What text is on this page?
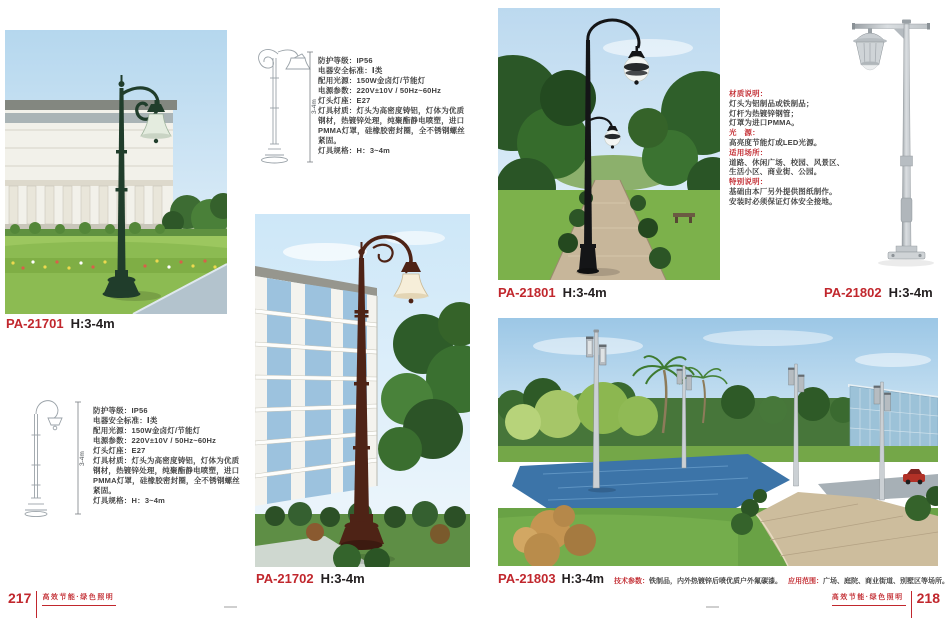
PA-21701 H:3-4m
3-4m
防护等级：IP56
电器安全标准：Ⅰ类
配用光源：150W金卤灯/节能灯
电源参数：220V±10V / 50Hz~60Hz
灯头灯座：E27
灯具材质：灯头为高密度铸铝，灯体为优质
钢材，热镀锌处理，纯聚酯静电喷塑，进口
PMMA灯罩，硅橡胶密封圈，全不锈钢螺丝
紧固。
灯具规格：H：3~4m
3-4m
防护等级：IP56
电器安全标准：Ⅰ类
配用光源：150W金卤灯/节能灯
电源参数：220V±10V / 50Hz~60Hz
灯头灯座：E27
灯具材质：灯头为高密度铸铝，灯体为优质
钢材，热镀锌处理，纯聚酯静电喷塑，进口
PMMA灯罩，硅橡胶密封圈，全不锈钢螺丝
紧固。
灯具规格：H：3~4m
PA-21702 H:3-4m
PA-21801 H:3-4m
材质说明：
灯头为铝制品或铁制品；
灯杆为热镀锌钢管；
灯罩为进口PMMA。
光　源：
高亮度节能灯或LED光源。
适用场所：
道路、休闲广场、校园、风景区、
生活小区、商业街、公园。
特别说明：
基础由本厂另外提供图纸制作。
安装时必须保证灯体安全接地。
PA-21802 H:3-4m
PA-21803 H:3-4m 技术参数： 铁制品，内外热镀锌后喷优质户外氟碳漆。 应用范围： 广场、庭院、商业街道、别墅区等场所。
217 高效节能·绿色照明	高效节能·绿色照明 218
